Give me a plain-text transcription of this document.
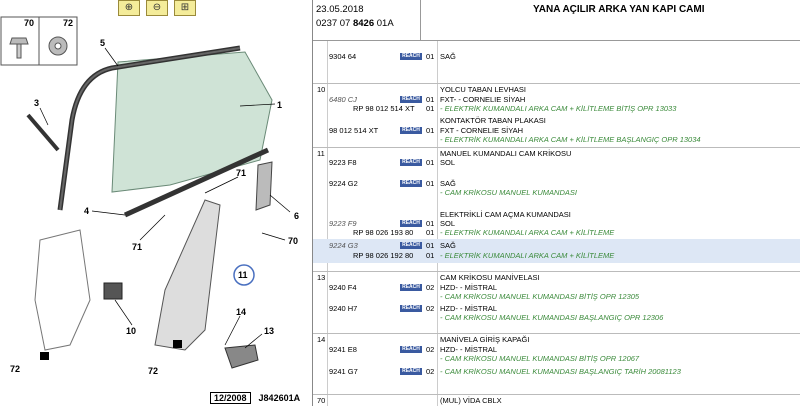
70	72
5
3	1
4
71
71
6
70
11
10
14
13
72	72
⊕	⊖	⊞
12/2008	J842601A
23.05.2018
0237 07 8426 01A
YANA AÇILIR ARKA YAN KAPI CAMI
9304 64	REACH 01 SAĞ
10	YOLCU TABAN LEVHASI
6480 CJ	REACH 01 FXT- - CORNELIE SİYAH
RP 98 012 514 XT 01 - ELEKTRİK KUMANDALI ARKA CAM + KİLİTLEME BİTİŞ OPR 13033
KONTAKTÖR TABAN PLAKASI
98 012 514 XT	REACH 01 FXT - CORNELIE SİYAH
- ELEKTRİK KUMANDALI ARKA CAM + KİLİTLEME BAŞLANGIÇ OPR 13034
11	MANUEL KUMANDALI CAM KRİKOSU
9223 F8	REACH 01 SOL
9224 G2	REACH 01 SAĞ
- CAM KRİKOSU MANUEL KUMANDASI
ELEKTRİKLİ CAM AÇMA KUMANDASI
9223 F9	REACH 01 SOL
RP 98 026 193 80 01 - ELEKTRİK KUMANDALI ARKA CAM + KİLİTLEME
9224 G3	REACH 01 SAĞ
RP 98 026 192 80 01 - ELEKTRİK KUMANDALI ARKA CAM + KİLİTLEME
13	CAM KRİKOSU MANİVELASI
9240 F4	REACH 02 HZD- - MİSTRAL
- CAM KRİKOSU MANUEL KUMANDASI BİTİŞ OPR 12305
9240 H7	REACH 02 HZD- - MİSTRAL
- CAM KRİKOSU MANUEL KUMANDASI BAŞLANGIÇ OPR 12306
14	MANİVELA GİRİŞ KAPAĞI
9241 E8	REACH 02 HZD- - MİSTRAL
- CAM KRİKOSU MANUEL KUMANDASI BİTİŞ OPR 12067
9241 G7	REACH 02 - CAM KRİKOSU MANUEL KUMANDASI BAŞLANGIÇ TARİH 20081123
70	(MUL) VİDA CBLX
